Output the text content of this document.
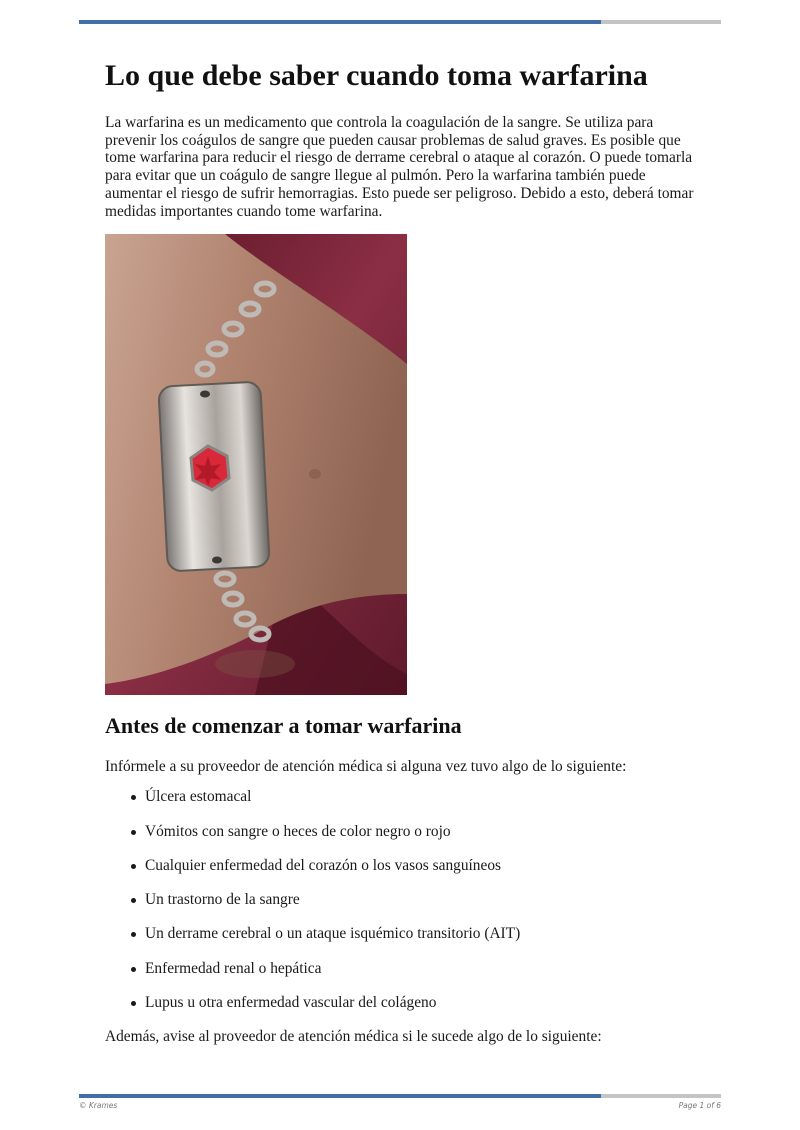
Lo que debe saber cuando toma warfarina

La warfarina es un medicamento que controla la coagulación de la sangre. Se utiliza para prevenir los coágulos de sangre que pueden causar problemas de salud graves. Es posible que tome warfarina para reducir el riesgo de derrame cerebral o ataque al corazón. O puede tomarla para evitar que un coágulo de sangre llegue al pulmón. Pero la warfarina también puede aumentar el riesgo de sufrir hemorragias. Esto puede ser peligroso. Debido a esto, deberá tomar medidas importantes cuando tome warfarina.

Antes de comenzar a tomar warfarina

Infórmele a su proveedor de atención médica si alguna vez tuvo algo de lo siguiente:

Úlcera estomacal
Vómitos con sangre o heces de color negro o rojo
Cualquier enfermedad del corazón o los vasos sanguíneos
Un trastorno de la sangre
Un derrame cerebral o un ataque isquémico transitorio (AIT)
Enfermedad renal o hepática
Lupus u otra enfermedad vascular del colágeno

Además, avise al proveedor de atención médica si le sucede algo de lo siguiente:

© Krames	Page 1 of 6
